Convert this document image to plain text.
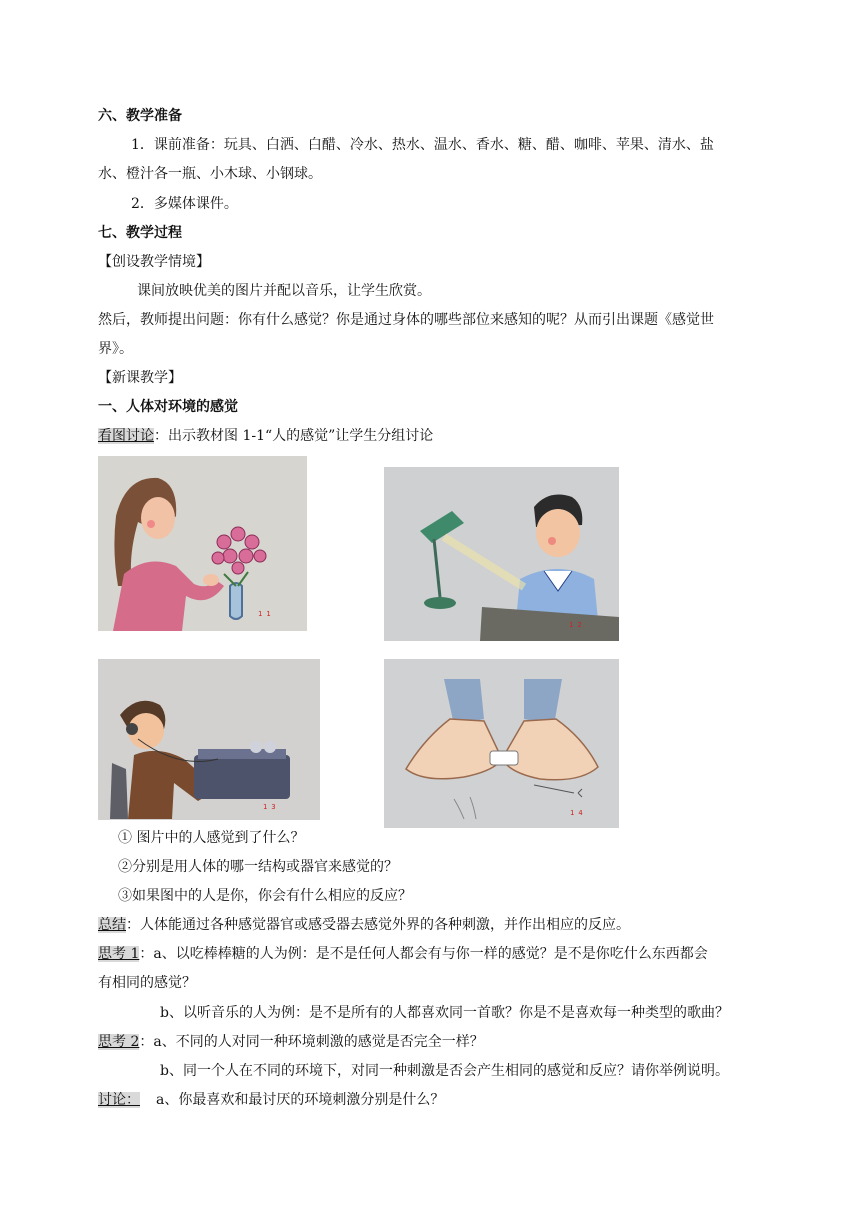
六、教学准备
1．课前准备：玩具、白洒、白醋、冷水、热水、温水、香水、糖、醋、咖啡、苹果、清水、盐
水、橙汁各一瓶、小木球、小钢球。
2．多媒体课件。
七、教学过程
【创设教学情境】
课间放映优美的图片并配以音乐，让学生欣赏。
然后，教师提出问题：你有什么感觉？你是通过身体的哪些部位来感知的呢？从而引出课题《感觉世
界》。
【新课教学】
一、人体对环境的感觉
看图讨论：出示教材图 1-1“人的感觉”让学生分组讨论
1 1
1 2
1 3
1 4
① 图片中的人感觉到了什么？
②分别是用人体的哪一结构或器官来感觉的？
③如果图中的人是你，你会有什么相应的反应？
总结：人体能通过各种感觉器官或感受器去感觉外界的各种刺激，并作出相应的反应。
思考 1：a、以吃棒棒糖的人为例：是不是任何人都会有与你一样的感觉？是不是你吃什么东西都会
有相同的感觉？
b、以听音乐的人为例：是不是所有的人都喜欢同一首歌？你是不是喜欢每一种类型的歌曲？
思考 2：a、不同的人对同一种环境刺激的感觉是否完全一样？
b、同一个人在不同的环境下，对同一种刺激是否会产生相同的感觉和反应？请你举例说明。
讨论： a、你最喜欢和最讨厌的环境刺激分别是什么？
